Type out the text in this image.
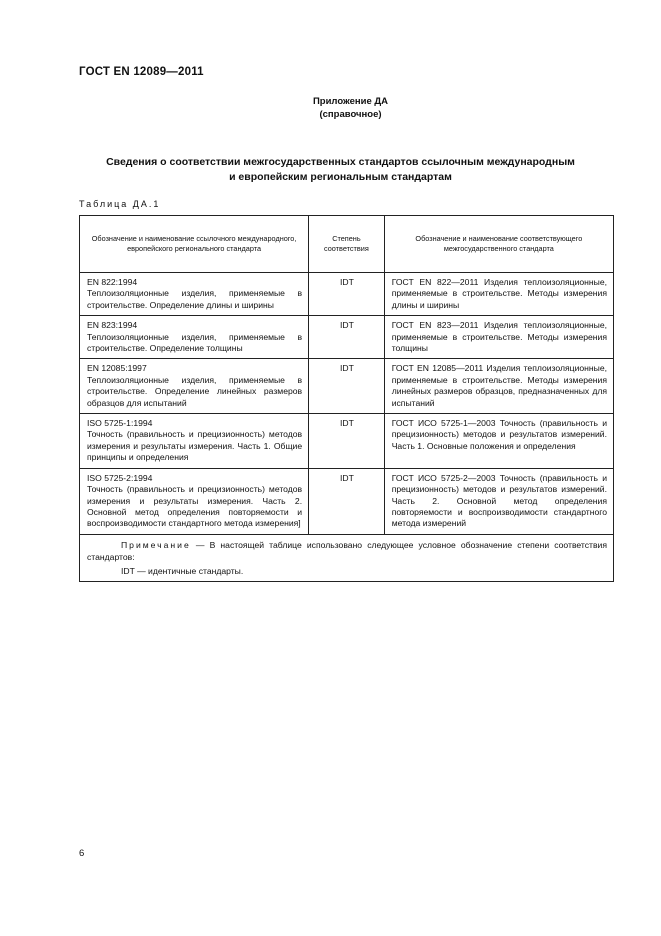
ГОСТ EN 12089—2011
Приложение ДА
(справочное)
Сведения о соответствии межгосударственных стандартов ссылочным международным
и европейским региональным стандартам
Таблица ДА.1
Обозначение и наименование ссылочного международного, европейского регионального стандарта	Степень соответствия	Обозначение и наименование соответствующего межгосударственного стандарта

EN 822:1994
Теплоизоляционные изделия, применяемые в строительстве. Определение длины и ширины	IDT	ГОСТ EN 822—2011 Изделия теплоизоляционные, применяемые в строительстве. Методы измерения длины и ширины

EN 823:1994
Теплоизоляционные изделия, применяемые в строительстве. Определение толщины	IDT	ГОСТ EN 823—2011 Изделия теплоизоляционные, применяемые в строительстве. Методы измерения толщины

EN 12085:1997
Теплоизоляционные изделия, применяемые в строительстве. Определение линейных размеров образцов для испытаний	IDT	ГОСТ EN 12085—2011 Изделия теплоизоляционные, применяемые в строительстве. Методы измерения линейных размеров образцов, предназначенных для испытаний

ISO 5725-1:1994
Точность (правильность и прецизионность) методов измерения и результаты измерения. Часть 1. Общие принципы и определения	IDT	ГОСТ ИСО 5725-1—2003 Точность (правильность и прецизионность) методов и результатов измерений. Часть 1. Основные положения и определения

ISO 5725-2:1994
Точность (правильность и прецизионность) методов измерения и результаты измерения. Часть 2. Основной метод определения повторяемости и воспроизводимости стандартного метода измерения]	IDT	ГОСТ ИСО 5725-2—2003 Точность (правильность и прецизионность) методов и результатов измерений. Часть 2. Основной метод определения повторяемости и воспроизводимости стандартного метода измерений

Примечание — В настоящей таблице использовано следующее условное обозначение степени соответствия стандартов:
IDT — идентичные стандарты.		
6
